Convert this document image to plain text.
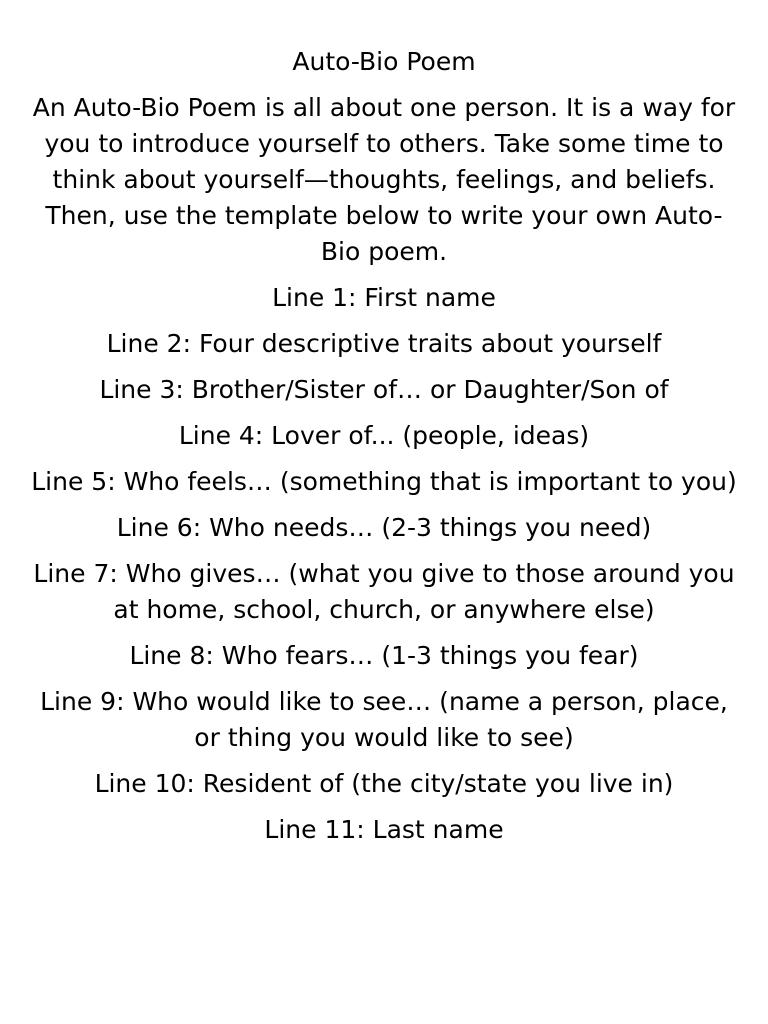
Auto-Bio Poem

An Auto-Bio Poem is all about one person. It is a way for you to introduce yourself to others. Take some time to think about yourself—thoughts, feelings, and beliefs. Then, use the template below to write your own Auto-Bio poem.

Line 1: First name
Line 2: Four descriptive traits about yourself
Line 3: Brother/Sister of… or Daughter/Son of
Line 4: Lover of... (people, ideas)
Line 5: Who feels… (something that is important to you)
Line 6: Who needs… (2-3 things you need)
Line 7: Who gives… (what you give to those around you at home, school, church, or anywhere else)
Line 8: Who fears… (1-3 things you fear)
Line 9: Who would like to see… (name a person, place, or thing you would like to see)
Line 10: Resident of (the city/state you live in)
Line 11: Last name
